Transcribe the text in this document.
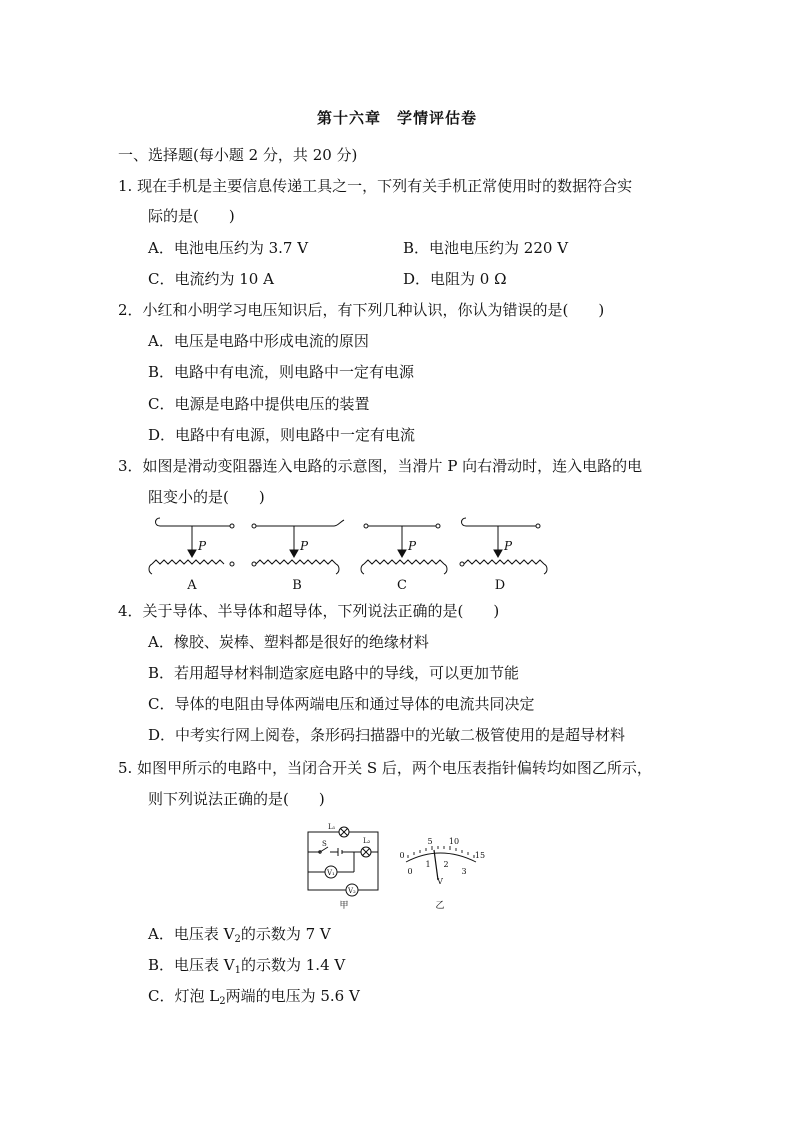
第十六章　学情评估卷
一、选择题(每小题 2 分，共 20 分)
1. 现在手机是主要信息传递工具之一，下列有关手机正常使用时的数据符合实
际的是(　　)
A．电池电压约为 3.7 V	B．电池电压约为 220 V
C．电流约为 10 A	D．电阻为 0 Ω
2．小红和小明学习电压知识后，有下列几种认识，你认为错误的是(　　)
A．电压是电路中形成电流的原因
B．电路中有电流，则电路中一定有电源
C．电源是电路中提供电压的装置
D．电路中有电源，则电路中一定有电流
3．如图是滑动变阻器连入电路的示意图，当滑片 P 向右滑动时，连入电路的电
阻变小的是(　　)
P	P	P	P
A	B	C	D
4．关于导体、半导体和超导体，下列说法正确的是(　　)
A．橡胶、炭棒、塑料都是很好的绝缘材料
B．若用超导材料制造家庭电路中的导线，可以更加节能
C．导体的电阻由导体两端电压和通过导体的电流共同决定
D．中考实行网上阅卷，条形码扫描器中的光敏二极管使用的是超导材料
5. 如图甲所示的电路中，当闭合开关 S 后，两个电压表指针偏转均如图乙所示，
则下列说法正确的是(　　)
L₁
L₂
S
V₁
V₂
甲
0
5 10
15
0
1 2
3
V
乙
A．电压表 $V_2$的示数为 7 V
B．电压表 $V_1$的示数为 1.4 V
C．灯泡 $L_2$两端的电压为 5.6 V
